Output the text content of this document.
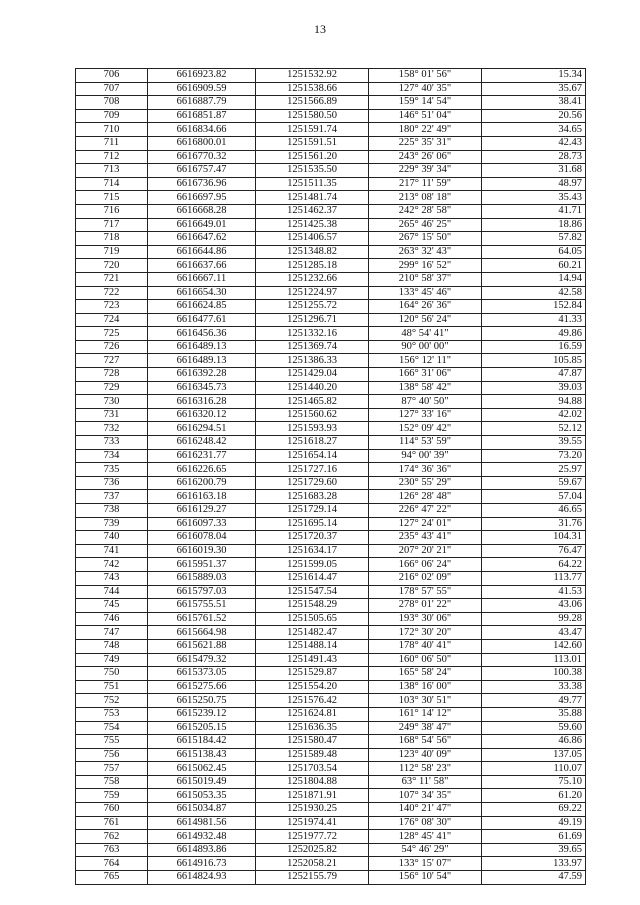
13
706	6616923.82	1251532.92	158° 01' 56"	15.34
707	6616909.59	1251538.66	127° 40' 35"	35.67
708	6616887.79	1251566.89	159° 14' 54"	38.41
709	6616851.87	1251580.50	146° 51' 04"	20.56
710	6616834.66	1251591.74	180° 22' 49"	34.65
711	6616800.01	1251591.51	225° 35' 31"	42.43
712	6616770.32	1251561.20	243° 26' 06"	28.73
713	6616757.47	1251535.50	229° 39' 34"	31.68
714	6616736.96	1251511.35	217° 11' 59"	48.97
715	6616697.95	1251481.74	213° 08' 18"	35.43
716	6616668.28	1251462.37	242° 28' 58"	41.71
717	6616649.01	1251425.38	265° 46' 25"	18.86
718	6616647.62	1251406.57	267° 15' 50"	57.82
719	6616644.86	1251348.82	263° 32' 43"	64.05
720	6616637.66	1251285.18	299° 16' 52"	60.21
721	6616667.11	1251232.66	210° 58' 37"	14.94
722	6616654.30	1251224.97	133° 45' 46"	42.58
723	6616624.85	1251255.72	164° 26' 36"	152.84
724	6616477.61	1251296.71	120° 56' 24"	41.33
725	6616456.36	1251332.16	48° 54' 41"	49.86
726	6616489.13	1251369.74	90° 00' 00"	16.59
727	6616489.13	1251386.33	156° 12' 11"	105.85
728	6616392.28	1251429.04	166° 31' 06"	47.87
729	6616345.73	1251440.20	138° 58' 42"	39.03
730	6616316.28	1251465.82	87° 40' 50"	94.88
731	6616320.12	1251560.62	127° 33' 16"	42.02
732	6616294.51	1251593.93	152° 09' 42"	52.12
733	6616248.42	1251618.27	114° 53' 59"	39.55
734	6616231.77	1251654.14	94° 00' 39"	73.20
735	6616226.65	1251727.16	174° 36' 36"	25.97
736	6616200.79	1251729.60	230° 55' 29"	59.67
737	6616163.18	1251683.28	126° 28' 48"	57.04
738	6616129.27	1251729.14	226° 47' 22"	46.65
739	6616097.33	1251695.14	127° 24' 01"	31.76
740	6616078.04	1251720.37	235° 43' 41"	104.31
741	6616019.30	1251634.17	207° 20' 21"	76.47
742	6615951.37	1251599.05	166° 06' 24"	64.22
743	6615889.03	1251614.47	216° 02' 09"	113.77
744	6615797.03	1251547.54	178° 57' 55"	41.53
745	6615755.51	1251548.29	278° 01' 22"	43.06
746	6615761.52	1251505.65	193° 30' 06"	99.28
747	6615664.98	1251482.47	172° 30' 20"	43.47
748	6615621.88	1251488.14	178° 40' 41"	142.60
749	6615479.32	1251491.43	160° 06' 50"	113.01
750	6615373.05	1251529.87	165° 58' 24"	100.38
751	6615275.66	1251554.20	138° 16' 00"	33.38
752	6615250.75	1251576.42	103° 30' 51"	49.77
753	6615239.12	1251624.81	161° 14' 12"	35.88
754	6615205.15	1251636.35	249° 38' 47"	59.60
755	6615184.42	1251580.47	168° 54' 56"	46.86
756	6615138.43	1251589.48	123° 40' 09"	137.05
757	6615062.45	1251703.54	112° 58' 23"	110.07
758	6615019.49	1251804.88	63° 11' 58"	75.10
759	6615053.35	1251871.91	107° 34' 35"	61.20
760	6615034.87	1251930.25	140° 21' 47"	69.22
761	6614981.56	1251974.41	176° 08' 30"	49.19
762	6614932.48	1251977.72	128° 45' 41"	61.69
763	6614893.86	1252025.82	54° 46' 29"	39.65
764	6614916.73	1252058.21	133° 15' 07"	133.97
765	6614824.93	1252155.79	156° 10' 54"	47.59
